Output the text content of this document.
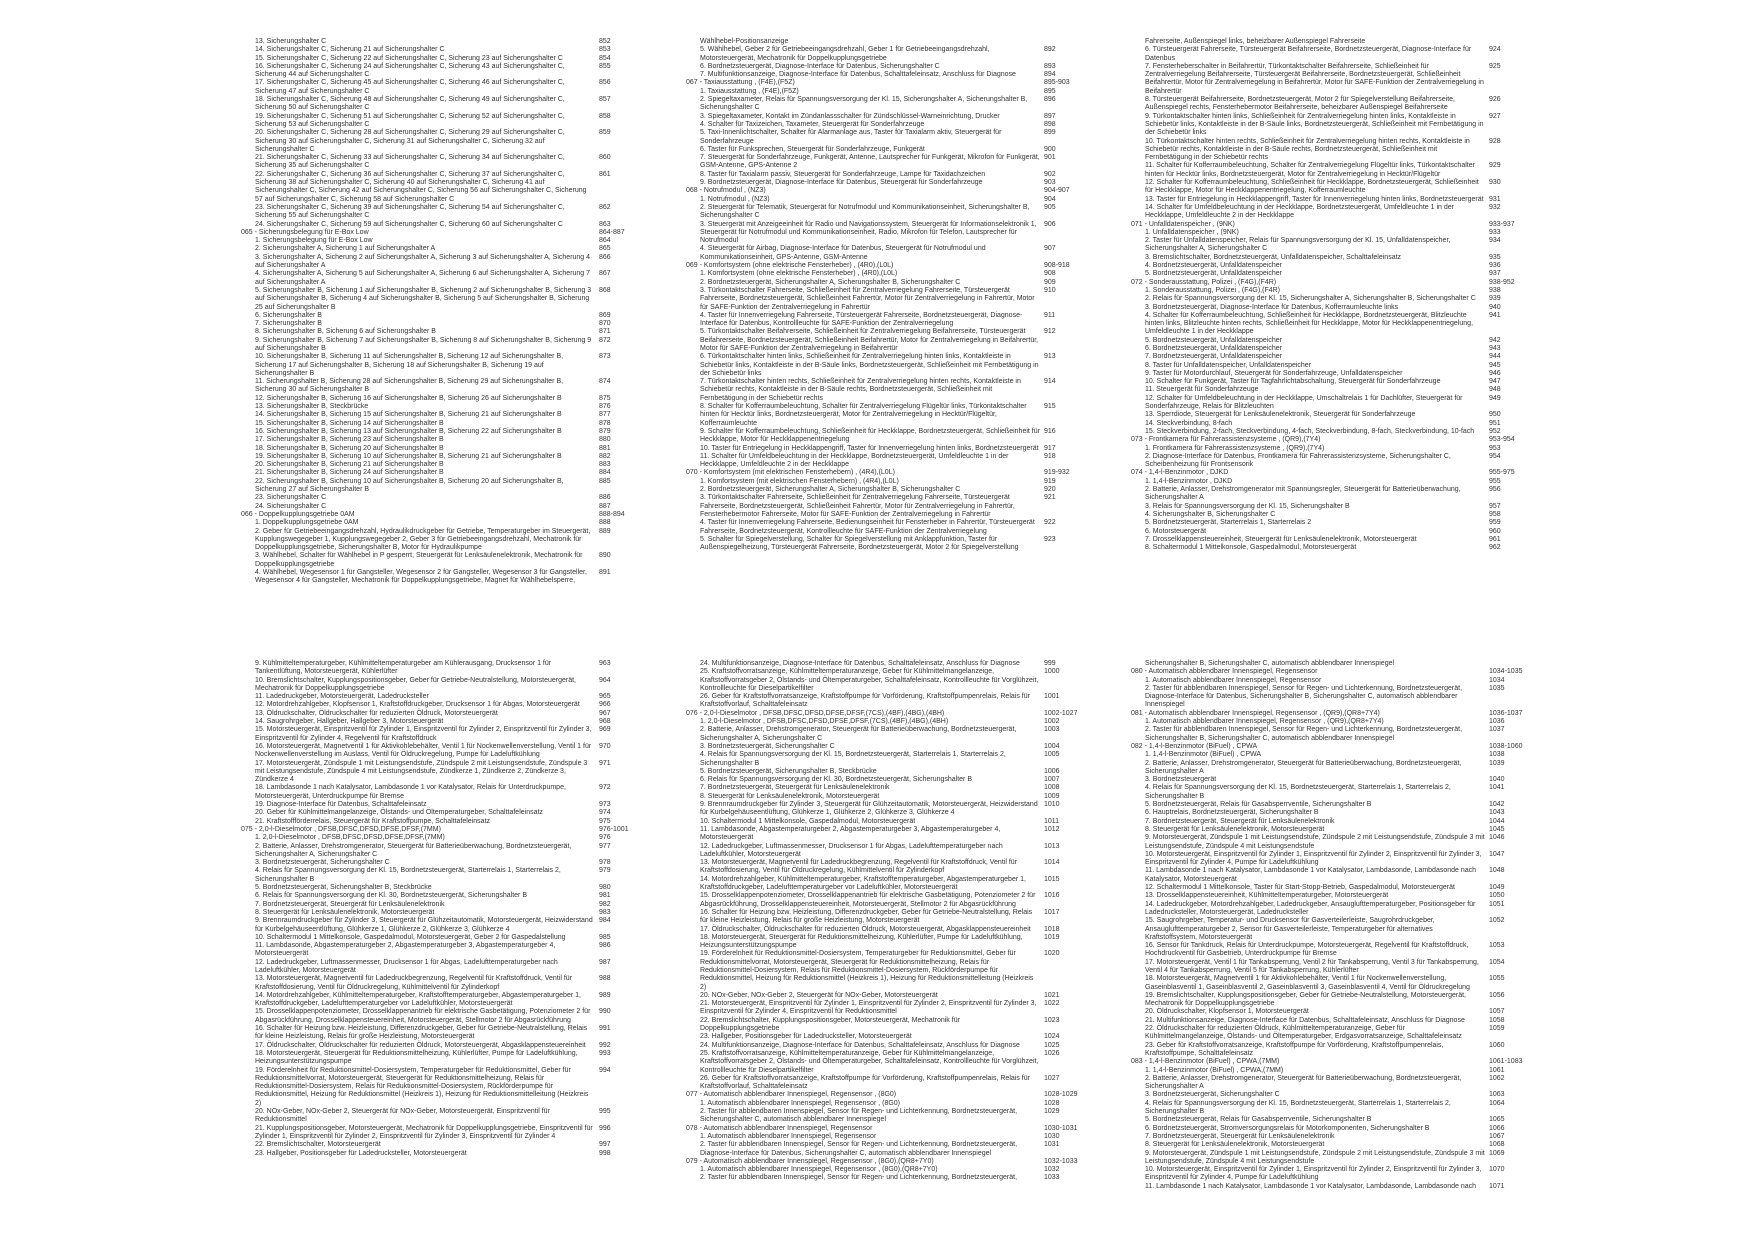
13. Sicherungshalter C	852
14. Sicherungshalter C, Sicherung 21 auf Sicherungshalter C	853
15. Sicherungshalter C, Sicherung 22 auf Sicherungshalter C, Sicherung 23 auf Sicherungshalter C	854
16. Sicherungshalter C, Sicherung 24 auf Sicherungshalter C, Sicherung 43 auf Sicherungshalter C, Sicherung 44 auf Sicherungshalter C
855
17. Sicherungshalter C, Sicherung 45 auf Sicherungshalter C, Sicherung 46 auf Sicherungshalter C, Sicherung 47 auf Sicherungshalter C
856
18. Sicherungshalter C, Sicherung 48 auf Sicherungshalter C, Sicherung 49 auf Sicherungshalter C, Sicherung 50 auf Sicherungshalter C
857
19. Sicherungshalter C, Sicherung 51 auf Sicherungshalter C, Sicherung 52 auf Sicherungshalter C, Sicherung 53 auf Sicherungshalter C
858
20. Sicherungshalter C, Sicherung 28 auf Sicherungshalter C, Sicherung 29 auf Sicherungshalter C, Sicherung 30 auf Sicherungshalter C, Sicherung 31 auf Sicherungshalter C, Sicherung 32 auf Sicherungshalter C
859
21. Sicherungshalter C, Sicherung 33 auf Sicherungshalter C, Sicherung 34 auf Sicherungshalter C, Sicherung 35 auf Sicherungshalter C
860
22. Sicherungshalter C, Sicherung 36 auf Sicherungshalter C, Sicherung 37 auf Sicherungshalter C, Sicherung 38 auf Sicherungshalter C, Sicherung 40 auf Sicherungshalter C, Sicherung 41 auf Sicherungshalter C, Sicherung 42 auf Sicherungshalter C, Sicherung 56 auf Sicherungshalter C, Sicherung 57 auf Sicherungshalter C, Sicherung 58 auf Sicherungshalter C
861
23. Sicherungshalter C, Sicherung 39 auf Sicherungshalter C, Sicherung 54 auf Sicherungshalter C, Sicherung 55 auf Sicherungshalter C
862
24. Sicherungshalter C, Sicherung 59 auf Sicherungshalter C, Sicherung 60 auf Sicherungshalter C	863
065 - Sicherungsbelegung für E-Box Low	864-887
1. Sicherungsbelegung für E-Box Low	864
2. Sicherungshalter A, Sicherung 1 auf Sicherungshalter A	865
3. Sicherungshalter A, Sicherung 2 auf Sicherungshalter A, Sicherung 3 auf Sicherungshalter A, Sicherung 4 auf Sicherungshalter A
866
4. Sicherungshalter A, Sicherung 5 auf Sicherungshalter A, Sicherung 6 auf Sicherungshalter A, Sicherung 7 auf Sicherungshalter A
867
5. Sicherungshalter B, Sicherung 1 auf Sicherungshalter B, Sicherung 2 auf Sicherungshalter B, Sicherung 3 auf Sicherungshalter B, Sicherung 4 auf Sicherungshalter B, Sicherung 5 auf Sicherungshalter B, Sicherung 25 auf Sicherungshalter B
868
6. Sicherungshalter B	869
7. Sicherungshalter B	870
8. Sicherungshalter B, Sicherung 6 auf Sicherungshalter B	871
9. Sicherungshalter B, Sicherung 7 auf Sicherungshalter B, Sicherung 8 auf Sicherungshalter B, Sicherung 9 auf Sicherungshalter B
872
10. Sicherungshalter B, Sicherung 11 auf Sicherungshalter B, Sicherung 12 auf Sicherungshalter B, Sicherung 17 auf Sicherungshalter B, Sicherung 18 auf Sicherungshalter B, Sicherung 19 auf Sicherungshalter B
873
11. Sicherungshalter B, Sicherung 28 auf Sicherungshalter B, Sicherung 29 auf Sicherungshalter B, Sicherung 30 auf Sicherungshalter B
874
12. Sicherungshalter B, Sicherung 16 auf Sicherungshalter B, Sicherung 26 auf Sicherungshalter B	875
13. Sicherungshalter B, Steckbrücke	876
14. Sicherungshalter B, Sicherung 15 auf Sicherungshalter B, Sicherung 21 auf Sicherungshalter B	877
15. Sicherungshalter B, Sicherung 14 auf Sicherungshalter B	878
16. Sicherungshalter B, Sicherung 13 auf Sicherungshalter B, Sicherung 22 auf Sicherungshalter B	879
17. Sicherungshalter B, Sicherung 23 auf Sicherungshalter B	880
18. Sicherungshalter B, Sicherung 20 auf Sicherungshalter B	881
19. Sicherungshalter B, Sicherung 10 auf Sicherungshalter B, Sicherung 21 auf Sicherungshalter B	882
20. Sicherungshalter B, Sicherung 21 auf Sicherungshalter B	883
21. Sicherungshalter B, Sicherung 24 auf Sicherungshalter B	884
22. Sicherungshalter B, Sicherung 10 auf Sicherungshalter B, Sicherung 20 auf Sicherungshalter B, Sicherung 27 auf Sicherungshalter B
885
23. Sicherungshalter C	886
24. Sicherungshalter C	887
066 - Doppelkupplungsgetriebe 0AM	888-894
1. Doppelkupplungsgetriebe 0AM	888
2. Geber für Getriebeeingangsdrehzahl, Hydraulikdruckgeber für Getriebe, Temperaturgeber im Steuergerät, Kupplungswegegeber 1, Kupplungswegegeber 2, Geber 3 für Getriebeeingangsdrehzahl, Mechatronik für Doppelkupplungsgetriebe, Sicherungshalter B, Motor für Hydraulikpumpe
889
3. Wählhebel, Schalter für Wählhebel in P gesperrt, Steuergerät für Lenksäulenelektronik, Mechatronik für Doppelkupplungsgetriebe
890
4. Wählhebel, Wegesensor 1 für Gangsteller, Wegesensor 2 für Gangsteller, Wegesensor 3 für Gangsteller, Wegesensor 4 für Gangsteller, Mechatronik für Doppelkupplungsgetriebe, Magnet für Wählhebelsperre,
891
Wählhebel-Positionsanzeige
5. Wählhebel, Geber 2 für Getriebeeingangsdrehzahl, Geber 1 für Getriebeeingangsdrehzahl, Motorsteuergerät, Mechatronik für Doppelkupplungsgetriebe
892
6. Bordnetzsteuergerät, Diagnose-Interface für Datenbus, Sicherungshalter C	893
7. Multifunktionsanzeige, Diagnose-Interface für Datenbus, Schalttafeleinsatz, Anschluss für Diagnose	894
067 - Taxiausstattung , (F4E),(F5Z)	895-903
1. Taxiausstattung , (F4E),(F5Z)	895
2. Spiegeltaxameter, Relais für Spannungsversorgung der Kl. 15, Sicherungshalter A, Sicherungshalter B, Sicherungshalter C
896
3. Spiegeltaxameter, Kontakt im Zündanlassschalter für Zündschlüssel-Warneinrichtung, Drucker	897
4. Schalter für Taxizeichen, Taxameter, Steuergerät für Sonderfahrzeuge	898
5. Taxi-Innenlichtschalter, Schalter für Alarmanlage aus, Taster für Taxialarm aktiv, Steuergerät für Sonderfahrzeuge
899
6. Taster für Funksprechen, Steuergerät für Sonderfahrzeuge, Funkgerät	900
7. Steuergerät für Sonderfahrzeuge, Funkgerät, Antenne, Lautsprecher für Funkgerät, Mikrofon für Funkgerät, GSM-Antenne, GPS-Antenne 2
901
8. Taster für Taxialarm passiv, Steuergerät für Sonderfahrzeuge, Lampe für Taxidachzeichen	902
9. Bordnetzsteuergerät, Diagnose-Interface für Datenbus, Steuergerät für Sonderfahrzeuge	903
068 - Notrufmodul , (NZ3)	904-907
1. Notrufmodul , (NZ3)	904
2. Steuergerät für Telematik, Steuergerät für Notrufmodul und Kommunikationseinheit, Sicherungshalter B, Sicherungshalter C
905
3. Steuergerät mit Anzeigeeinheit für Radio und Navigationssystem, Steuergerät für Informationselektronik 1, Steuergerät für Notrufmodul und Kommunikationseinheit, Radio, Mikrofon für Telefon, Lautsprecher für Notrufmodul
906
4. Steuergerät für Airbag, Diagnose-Interface für Datenbus, Steuergerät für Notrufmodul und Kommunikationseinheit, GPS-Antenne, GSM-Antenne
907
069 - Komfortsystem (ohne elektrische Fensterheber) , (4R0),(L0L)	908-918
1. Komfortsystem (ohne elektrische Fensterheber) , (4R0),(L0L)	908
2. Bordnetzsteuergerät, Sicherungshalter A, Sicherungshalter B, Sicherungshalter C	909
3. Türkontaktschalter Fahrerseite, Schließeinheit für Zentralverriegelung Fahrerseite, Türsteuergerät Fahrerseite, Bordnetzsteuergerät, Schließeinheit Fahrertür, Motor für Zentralverriegelung in Fahrertür, Motor für SAFE-Funktion der Zentralverriegelung in Fahrertür
910
4. Taster für Innenverriegelung Fahrerseite, Türsteuergerät Fahrerseite, Bordnetzsteuergerät, Diagnose-Interface für Datenbus, Kontrollleuchte für SAFE-Funktion der Zentralverriegelung
911
5. Türkontaktschalter Beifahrerseite, Schließeinheit für Zentralverriegelung Beifahrerseite, Türsteuergerät Beifahrerseite, Bordnetzsteuergerät, Schließeinheit Beifahrertür, Motor für Zentralverriegelung in Beifahrertür, Motor für SAFE-Funktion der Zentralverriegelung in Beifahrertür
912
6. Türkontaktschalter hinten links, Schließeinheit für Zentralverriegelung hinten links, Kontaktleiste in Schiebetür links, Kontaktleiste in der B-Säule links, Bordnetzsteuergerät, Schließeinheit mit Fernbetätigung in der Schiebetür links
913
7. Türkontaktschalter hinten rechts, Schließeinheit für Zentralverriegelung hinten rechts, Kontaktleiste in Schiebetür rechts, Kontaktleiste in der B-Säule rechts, Bordnetzsteuergerät, Schließeinheit mit Fernbetätigung in der Schiebetür rechts
914
8. Schalter für Kofferraumbeleuchtung, Schalter für Zentralverriegelung Flügeltür links, Türkontaktschalter hinten für Hecktür links, Bordnetzsteuergerät, Motor für Zentralverriegelung in Hecktür/Flügeltür, Kofferraumleuchte
915
9. Schalter für Kofferraumbeleuchtung, Schließeinheit für Heckklappe, Bordnetzsteuergerät, Schließeinheit für Heckklappe, Motor für Heckklappenentriegelung
916
10. Taster für Entriegelung in Heckklappengriff, Taster für Innenverriegelung hinten links, Bordnetzsteuergerät 917
11. Schalter für Umfeldbeleuchtung in der Heckklappe, Bordnetzsteuergerät, Umfeldleuchte 1 in der Heckklappe, Umfeldleuchte 2 in der Heckklappe
918
070 - Komfortsystem (mit elektrischen Fensterhebern) , (4R4),(L0L)	919-932
1. Komfortsystem (mit elektrischen Fensterhebern) , (4R4),(L0L)	919
2. Bordnetzsteuergerät, Sicherungshalter A, Sicherungshalter B, Sicherungshalter C	920
3. Türkontaktschalter Fahrerseite, Schließeinheit für Zentralverriegelung Fahrerseite, Türsteuergerät Fahrerseite, Bordnetzsteuergerät, Schließeinheit Fahrertür, Motor für Zentralverriegelung in Fahrertür, Fensterhebermotor Fahrerseite, Motor für SAFE-Funktion der Zentralverriegelung in Fahrertür
921
4. Taster für Innenverriegelung Fahrerseite, Bedienungseinheit für Fensterheber in Fahrertür, Türsteuergerät Fahrerseite, Bordnetzsteuergerät, Kontrollleuchte für SAFE-Funktion der Zentralverriegelung
922
5. Schalter für Spiegelverstellung, Schalter für Spiegelverstellung mit Anklappfunktion, Taster für Außenspiegelheizung, Türsteuergerät Fahrerseite, Bordnetzsteuergerät, Motor 2 für Spiegelverstellung
923
Fahrerseite, Außenspiegel links, beheizbarer Außenspiegel Fahrerseite
6. Türsteuergerät Fahrerseite, Türsteuergerät Beifahrerseite, Bordnetzsteuergerät, Diagnose-Interface für Datenbus
924
7. Fensterheberschalter in Beifahrertür, Türkontaktschalter Beifahrerseite, Schließeinheit für Zentralverriegelung Beifahrerseite, Türsteuergerät Beifahrerseite, Bordnetzsteuergerät, Schließeinheit Beifahrertür, Motor für Zentralverriegelung in Beifahrertür, Motor für SAFE-Funktion der Zentralverriegelung in Beifahrertür
925
8. Türsteuergerät Beifahrerseite, Bordnetzsteuergerät, Motor 2 für Spiegelverstellung Beifahrerseite, Außenspiegel rechts, Fensterhebermotor Beifahrerseite, beheizbarer Außenspiegel Beifahrerseite
926
9. Türkontaktschalter hinten links, Schließeinheit für Zentralverriegelung hinten links, Kontaktleiste in Schiebetür links, Kontaktleiste in der B-Säule links, Bordnetzsteuergerät, Schließeinheit mit Fernbetätigung in der Schiebetür links
927
10. Türkontaktschalter hinten rechts, Schließeinheit für Zentralverriegelung hinten rechts, Kontaktleiste in Schiebetür rechts, Kontaktleiste in der B-Säule rechts, Bordnetzsteuergerät, Schließeinheit mit Fernbetätigung in der Schiebetür rechts
928
11. Schalter für Kofferraumbeleuchtung, Schalter für Zentralverriegelung Flügeltür links, Türkontaktschalter hinten für Hecktür links, Bordnetzsteuergerät, Motor für Zentralverriegelung in Hecktür/Flügeltür
929
12. Schalter für Kofferraumbeleuchtung, Schließeinheit für Heckklappe, Bordnetzsteuergerät, Schließeinheit für Heckklappe, Motor für Heckklappenentriegelung, Kofferraumleuchte
930
13. Taster für Entriegelung in Heckklappengriff, Taster für Innenverriegelung hinten links, Bordnetzsteuergerät 931
14. Schalter für Umfeldbeleuchtung in der Heckklappe, Bordnetzsteuergerät, Umfeldleuchte 1 in der Heckklappe, Umfeldleuchte 2 in der Heckklappe
932
071 - Unfalldatenspeicher , (9NK)	933-937
1. Unfalldatenspeicher , (9NK)	933
2. Taster für Unfalldatenspeicher, Relais für Spannungsversorgung der Kl. 15, Unfalldatenspeicher, Sicherungshalter A, Sicherungshalter C
934
3. Bremslichtschalter, Bordnetzsteuergerät, Unfalldatenspeicher, Schalttafeleinsatz	935
4. Bordnetzsteuergerät, Unfalldatenspeicher	936
5. Bordnetzsteuergerät, Unfalldatenspeicher	937
072 - Sonderausstattung, Polizei , (F4G),(F4R)	938-952
1. Sonderausstattung, Polizei , (F4G),(F4R)	938
2. Relais für Spannungsversorgung der Kl. 15, Sicherungshalter A, Sicherungshalter B, Sicherungshalter C	939
3. Bordnetzsteuergerät, Diagnose-Interface für Datenbus, Kofferraumleuchte links	940
4. Schalter für Kofferraumbeleuchtung, Schließeinheit für Heckklappe, Bordnetzsteuergerät, Blitzleuchte hinten links, Blitzleuchte hinten rechts, Schließeinheit für Heckklappe, Motor für Heckklappenentriegelung, Umfeldleuchte 1 in der Heckklappe
941
5. Bordnetzsteuergerät, Unfalldatenspeicher	942
6. Bordnetzsteuergerät, Unfalldatenspeicher	943
7. Bordnetzsteuergerät, Unfalldatenspeicher	944
8. Taster für Unfalldatenspeicher, Unfalldatenspeicher	945
9. Taster für Motordurchlauf, Steuergerät für Sonderfahrzeuge, Unfalldatenspeicher	946
10. Schalter für Funkgerät, Taster für Tagfahrlichtabschaltung, Steuergerät für Sonderfahrzeuge	947
11. Steuergerät für Sonderfahrzeuge	948
12. Schalter für Umfeldbeleuchtung in der Heckklappe, Umschaltrelais 1 für Dachlüfter, Steuergerät für Sonderfahrzeuge, Relais für Blitzleuchten
949
13. Sperrdiode, Steuergerät für Lenksäulenelektronik, Steuergerät für Sonderfahrzeuge	950
14. Steckverbindung, 8-fach	951
15. Steckverbindung, 2-fach, Steckverbindung, 4-fach, Steckverbindung, 8-fach, Steckverbindung, 10-fach	952
073 - Frontkamera für Fahrerassistenzsysteme , (QR9),(7Y4)	953-954
1. Frontkamera für Fahrerassistenzsysteme , (QR9),(7Y4)	953
2. Diagnose-Interface für Datenbus, Frontkamera für Fahrerassistenzsysteme, Sicherungshalter C, Scheibenheizung für Frontsensorik
954
074 - 1,4-l-Benzinmotor , DJKD	955-975
1. 1,4-l-Benzinmotor , DJKD	955
2. Batterie, Anlasser, Drehstromgenerator mit Spannungsregler, Steuergerät für Batterieüberwachung, Sicherungshalter A
956
3. Relais für Spannungsversorgung der Kl. 15, Sicherungshalter B	957
4. Sicherungshalter B, Sicherungshalter C	958
5. Bordnetzsteuergerät, Starterrelais 1, Starterrelais 2	959
6. Motorsteuergerät	960
7. Drosselklappensteuereinheit, Steuergerät für Lenksäulenelektronik, Motorsteuergerät	961
8. Schaltermodul 1 Mittelkonsole, Gaspedalmodul, Motorsteuergerät	962
9. Kühlmitteltemperaturgeber, Kühlmitteltemperaturgeber am Kühlerausgang, Drucksensor 1 für Tankentlüftung, Motorsteuergerät, Kühlerlüfter
963
10. Bremslichtschalter, Kupplungspositionsgeber, Geber für Getriebe-Neutralstellung, Motorsteuergerät, Mechatronik für Doppelkupplungsgetriebe
964
11. Ladedruckgeber, Motorsteuergerät, Ladedrucksteller	965
12. Motordrehzahlgeber, Klopfsensor 1, Kraftstoffdruckgeber, Drucksensor 1 für Abgas, Motorsteuergerät	966
13. Öldruckschalter, Öldruckschalter für reduzierten Öldruck, Motorsteuergerät	967
14. Saugrohrgeber, Hallgeber, Hallgeber 3, Motorsteuergerät	968
15. Motorsteuergerät, Einspritzventil für Zylinder 1, Einspritzventil für Zylinder 2, Einspritzventil für Zylinder 3, Einspritzventil für Zylinder 4, Regelventil für Kraftstoffdruck
969
16. Motorsteuergerät, Magnetventil 1 für Aktivkohlebehälter, Ventil 1 für Nockenwellenverstellung, Ventil 1 für Nockenwellenverstellung im Auslass, Ventil für Öldruckregelung, Pumpe für Ladeluftkühlung
970
17. Motorsteuergerät, Zündspule 1 mit Leistungsendstufe, Zündspule 2 mit Leistungsendstufe, Zündspule 3 mit Leistungsendstufe, Zündspule 4 mit Leistungsendstufe, Zündkerze 1, Zündkerze 2, Zündkerze 3, Zündkerze 4
971
18. Lambdasonde 1 nach Katalysator, Lambdasonde 1 vor Katalysator, Relais für Unterdruckpumpe, Motorsteuergerät, Unterdruckpumpe für Bremse
972
19. Diagnose-Interface für Datenbus, Schalttafeleinsatz	973
20. Geber für Kühlmittelmangelanzeige, Ölstands- und Öltemperaturgeber, Schalttafeleinsatz	974
21. Kraftstoffförderrelais, Steuergerät für Kraftstoffpumpe, Schalttafeleinsatz	975
075 - 2,0-l-Dieselmotor , DFSB,DFSC,DFSD,DFSE,DFSF,(7MM)	976-1001
1. 2,0-l-Dieselmotor , DFSB,DFSC,DFSD,DFSE,DFSF,(7MM)	976
2. Batterie, Anlasser, Drehstromgenerator, Steuergerät für Batterieüberwachung, Bordnetzsteuergerät, Sicherungshalter A, Sicherungshalter C
977
3. Bordnetzsteuergerät, Sicherungshalter C	978
4. Relais für Spannungsversorgung der Kl. 15, Bordnetzsteuergerät, Starterrelais 1, Starterrelais 2, Sicherungshalter B
979
5. Bordnetzsteuergerät, Sicherungshalter B, Steckbrücke	980
6. Relais für Spannungsversorgung der Kl. 30, Bordnetzsteuergerät, Sicherungshalter B	981
7. Bordnetzsteuergerät, Steuergerät für Lenksäulenelektronik	982
8. Steuergerät für Lenksäulenelektronik, Motorsteuergerät	983
9. Brennraumdruckgeber für Zylinder 3, Steuergerät für Glühzeitautomatik, Motorsteuergerät, Heizwiderstand für Kurbelgehäuseentlüftung, Glühkerze 1, Glühkerze 2, Glühkerze 3, Glühkerze 4
984
10. Schaltermodul 1 Mittelkonsole, Gaspedalmodul, Motorsteuergerät, Geber 2 für Gaspedalstellung	985
11. Lambdasonde, Abgastemperaturgeber 2, Abgastemperaturgeber 3, Abgastemperaturgeber 4, Motorsteuergerät
986
12. Ladedruckgeber, Luftmassenmesser, Drucksensor 1 für Abgas, Ladelufttemperaturgeber nach Ladeluftkühler, Motorsteuergerät
987
13. Motorsteuergerät, Magnetventil für Ladedruckbegrenzung, Regelventil für Kraftstoffdruck, Ventil für Kraftstoffdosierung, Ventil für Öldruckregelung, Kühlmittelventil für Zylinderkopf
988
14. Motordrehzahlgeber, Kühlmitteltemperaturgeber, Kraftstofftemperaturgeber, Abgastemperaturgeber 1, Kraftstoffdruckgeber, Ladelufttemperaturgeber vor Ladeluftkühler, Motorsteuergerät
989
15. Drosselklappenpotenziometer, Drosselklappenantrieb für elektrische Gasbetätigung, Potenziometer 2 für Abgasrückführung, Drosselklappensteuereinheit, Motorsteuergerät, Stellmotor 2 für Abgasrückführung
990
16. Schalter für Heizung bzw. Heizleistung, Differenzdruckgeber, Geber für Getriebe-Neutralstellung, Relais für kleine Heizleistung, Relais für große Heizleistung, Motorsteuergerät
991
17. Öldruckschalter, Öldruckschalter für reduzierten Öldruck, Motorsteuergerät, Abgasklappensteuereinheit	992
18. Motorsteuergerät, Steuergerät für Reduktionsmittelheizung, Kühlerlüfter, Pumpe für Ladeluftkühlung, Heizungsunterstützungspumpe
993
19. Förderelnheit für Reduktionsmittel-Dosiersystem, Temperaturgeber für Reduktionsmittel, Geber für Reduktionsmittelvorrat, Motorsteuergerät, Steuergerät für Reduktionsmittelheizung, Relais für Reduktionsmittel-Dosiersystem, Relais für Reduktionsmittel-Dosiersystem, Rückförderpumpe für Reduktionsmittel, Heizung für Reduktionsmittel (Heizkreis 1), Heizung für Reduktionsmittelleitung (Heizkreis 2)
994
20. NOx-Geber, NOx-Geber 2, Steuergerät für NOx-Geber, Motorsteuergerät, Einspritzventil für Reduktionsmittel
995
21. Kupplungspositionsgeber, Motorsteuergerät, Mechatronik für Doppelkupplungsgetriebe, Einspritzventil für Zylinder 1, Einspritzventil für Zylinder 2, Einspritzventil für Zylinder 3, Einspritzventil für Zylinder 4
996
22. Bremslichtschalter, Motorsteuergerät	997
23. Hallgeber, Positionsgeber für Ladedrucksteller, Motorsteuergerät	998
24. Multifunktionsanzeige, Diagnose-Interface für Datenbus, Schalttafeleinsatz, Anschluss für Diagnose	999
25. Kraftstoffvorratsanzeige, Kühlmitteltemperaturanzeige, Geber für Kühlmittelmangelanzeige, Kraftstoffvorratsgeber 2, Ölstands- und Öltemperaturgeber, Schalttafeleinsatz, Kontrollleuchte für Vorglühzeit, Kontrollleuchte für Dieselpartikelfilter
1000
26. Geber für Kraftstoffvorratsanzeige, Kraftstoffpumpe für Vorförderung, Kraftstoffpumpenrelais, Relais für Kraftstoffvorlauf, Schalttafeleinsatz
1001
076 - 2,0-l-Dieselmotor , DFSB,DFSC,DFSD,DFSE,DFSF,(7CS),(4BF),(4BG),(4BH)	1002-1027
1. 2,0-l-Dieselmotor , DFSB,DFSC,DFSD,DFSE,DFSF,(7CS),(4BF),(4BG),(4BH)	1002
2. Batterie, Anlasser, Drehstromgenerator, Steuergerät für Batterieüberwachung, Bordnetzsteuergerät, Sicherungshalter A, Sicherungshalter C
1003
3. Bordnetzsteuergerät, Sicherungshalter C	1004
4. Relais für Spannungsversorgung der Kl. 15, Bordnetzsteuergerät, Starterrelais 1, Starterrelais 2, Sicherungshalter B
1005
5. Bordnetzsteuergerät, Sicherungshalter B, Steckbrücke	1006
6. Relais für Spannungsversorgung der Kl. 30, Bordnetzsteuergerät, Sicherungshalter B	1007
7. Bordnetzsteuergerät, Steuergerät für Lenksäulenelektronik	1008
8. Steuergerät für Lenksäulenelektronik, Motorsteuergerät	1009
9. Brennraumdruckgeber für Zylinder 3, Steuergerät für Glühzeitautomatik, Motorsteuergerät, Heizwiderstand für Kurbelgehäuseentlüftung, Glühkerze 1, Glühkerze 2, Glühkerze 3, Glühkerze 4
1010
10. Schaltermodul 1 Mittelkonsole, Gaspedalmodul, Motorsteuergerät	1011
11. Lambdasonde, Abgastemperaturgeber 2, Abgastemperaturgeber 3, Abgastemperaturgeber 4, Motorsteuergerät
1012
12. Ladedruckgeber, Luftmassenmesser, Drucksensor 1 für Abgas, Ladelufttemperaturgeber nach Ladeluftkühler, Motorsteuergerät
1013
13. Motorsteuergerät, Magnetventil für Ladedruckbegrenzung, Regelventil für Kraftstoffdruck, Ventil für Kraftstoffdosierung, Ventil für Öldruckregelung, Kühlmittelventil für Zylinderkopf
1014
14. Motordrehzahlgeber, Kühlmitteltemperaturgeber, Kraftstofftemperaturgeber, Abgastemperaturgeber 1, Kraftstoffdruckgeber, Ladelufttemperaturgeber vor Ladeluftkühler, Motorsteuergerät
1015
15. Drosselklappenpotenziometer, Drosselklappenantrieb für elektrische Gasbetätigung, Potenziometer 2 für Abgasrückführung, Drosselklappensteuereinheit, Motorsteuergerät, Stellmotor 2 für Abgasrückführung
1016
16. Schalter für Heizung bzw. Heizleistung, Differenzdruckgeber, Geber für Getriebe-Neutralstellung, Relais für kleine Heizleistung, Relais für große Heizleistung, Motorsteuergerät
1017
17. Öldruckschalter, Öldruckschalter für reduzierten Öldruck, Motorsteuergerät, Abgasklappensteuereinheit	1018
18. Motorsteuergerät, Steuergerät für Reduktionsmittelheizung, Kühlerlüfter, Pumpe für Ladeluftkühlung, Heizungsunterstützungspumpe
1019
19. Förderelnheit für Reduktionsmittel-Dosiersystem, Temperaturgeber für Reduktionsmittel, Geber für Reduktionsmittelvorrat, Motorsteuergerät, Steuergerät für Reduktionsmittelheizung, Relais für Reduktionsmittel-Dosiersystem, Relais für Reduktionsmittel-Dosiersystem, Rückförderpumpe für Reduktionsmittel, Heizung für Reduktionsmittel (Heizkreis 1), Heizung für Reduktionsmittelleitung (Heizkreis 2)
1020
20. NOx-Geber, NOx-Geber 2, Steuergerät für NOx-Geber, Motorsteuergerät	1021
21. Motorsteuergerät, Einspritzventil für Zylinder 1, Einspritzventil für Zylinder 2, Einspritzventil für Zylinder 3, Einspritzventil für Zylinder 4, Einspritzventil für Reduktionsmittel
1022
22. Bremslichtschalter, Kupplungspositionsgeber, Motorsteuergerät, Mechatronik für Doppelkupplungsgetriebe
1023
23. Hallgeber, Positionsgeber für Ladedrucksteller, Motorsteuergerät	1024
24. Multifunktionsanzeige, Diagnose-Interface für Datenbus, Schalttafeleinsatz, Anschluss für Diagnose	1025
25. Kraftstoffvorratsanzeige, Kühlmitteltemperaturanzeige, Geber für Kühlmittelmangelanzeige, Kraftstoffvorratsgeber 2, Ölstands- und Öltemperaturgeber, Schalttafeleinsatz, Kontrollleuchte für Vorglühzeit, Kontrollleuchte für Dieselpartikelfilter
1026
26. Geber für Kraftstoffvorratsanzeige, Kraftstoffpumpe für Vorförderung, Kraftstoffpumpenrelais, Relais für Kraftstoffvorlauf, Schalttafeleinsatz
1027
077 - Automatisch abblendbarer Innenspiegel, Regensensor , (8G0)	1028-1029
1. Automatisch abblendbarer Innenspiegel, Regensensor , (8G0)	1028
2. Taster für abblendbaren Innenspiegel, Sensor für Regen- und Lichterkennung, Bordnetzsteuergerät, Sicherungshalter C, automatisch abblendbarer Innenspiegel
1029
078 - Automatisch abblendbarer Innenspiegel, Regensensor	1030-1031
1. Automatisch abblendbarer Innenspiegel, Regensensor	1030
2. Taster für abblendbaren Innenspiegel, Sensor für Regen- und Lichterkennung, Bordnetzsteuergerät, Diagnose-Interface für Datenbus, Sicherungshalter C, automatisch abblendbarer Innenspiegel
1031
079 - Automatisch abblendbarer Innenspiegel, Regensensor , (8G0),(QR8+7Y0)	1032-1033
1. Automatisch abblendbarer Innenspiegel, Regensensor , (8G0),(QR8+7Y0)	1032
2. Taster für abblendbaren Innenspiegel, Sensor für Regen- und Lichterkennung, Bordnetzsteuergerät,	1033
Sicherungshalter B, Sicherungshalter C, automatisch abblendbarer Innenspiegel
080 - Automatisch abblendbarer Innenspiegel, Regensensor	1034-1035
1. Automatisch abblendbarer Innenspiegel, Regensensor	1034
2. Taster für abblendbaren Innenspiegel, Sensor für Regen- und Lichterkennung, Bordnetzsteuergerät, Diagnose-Interface für Datenbus, Sicherungshalter B, Sicherungshalter C, automatisch abblendbarer Innenspiegel
1035
081 - Automatisch abblendbarer Innenspiegel, Regensensor , (QR9),(QR8+7Y4)	1036-1037
1. Automatisch abblendbarer Innenspiegel, Regensensor , (QR9),(QR8+7Y4)	1036
2. Taster für abblendbaren Innenspiegel, Sensor für Regen- und Lichterkennung, Bordnetzsteuergerät, Sicherungshalter B, Sicherungshalter C, automatisch abblendbarer Innenspiegel
1037
082 - 1,4-l-Benzinmotor (BiFuel) , CPWA	1038-1060
1. 1,4-l-Benzinmotor (BiFuel) , CPWA	1038
2. Batterie, Anlasser, Drehstromgenerator, Steuergerät für Batterieüberwachung, Bordnetzsteuergerät, Sicherungshalter A
1039
3. Bordnetzsteuergerät	1040
4. Relais für Spannungsversorgung der Kl. 15, Bordnetzsteuergerät, Starterrelais 1, Starterrelais 2, Sicherungshalter B
1041
5. Bordnetzsteuergerät, Relais für Gasabsperrventile, Sicherungshalter B	1042
6. Hauptrelais, Bordnetzsteuergerät, Sicherungshalter B	1043
7. Bordnetzsteuergerät, Steuergerät für Lenksäulenelektronik	1044
8. Steuergerät für Lenksäulenelektronik, Motorsteuergerät	1045
9. Motorsteuergerät, Zündspule 1 mit Leistungsendstufe, Zündspule 2 mit Leistungsendstufe, Zündspule 3 mit Leistungsendstufe, Zündspule 4 mit Leistungsendstufe
1046
10. Motorsteuergerät, Einspritzventil für Zylinder 1, Einspritzventil für Zylinder 2, Einspritzventil für Zylinder 3, Einspritzventil für Zylinder 4, Pumpe für Ladeluftkühlung
1047
11. Lambdasonde 1 nach Katalysator, Lambdasonde 1 vor Katalysator, Lambdasonde, Lambdasonde nach Katalysator, Motorsteuergerät
1048
12. Schaltermodul 1 Mittelkonsole, Taster für Start-Stopp-Betrieb, Gaspedalmodul, Motorsteuergerät	1049
13. Drosselklappensteuereinheit, Kühlmitteltemperaturgeber, Motorsteuergerät	1050
14. Ladedruckgeber, Motordrehzahlgeber, Ladedruckgeber, Ansauglufttemperaturgeber, Positionsgeber für Ladedrucksteller, Motorsteuergerät, Ladedrucksteller
1051
15. Saugrohrgeber, Temperatur- und Drucksensor für Gasverteilerleiste, Saugrohrdruckgeber, Ansauglufttemperaturgeber 2, Sensor für Gasverteilerleiste, Temperaturgeber für alternatives Kraftstoffsystem, Motorsteuergerät
1052
16. Sensor für Tankdruck, Relais für Unterdruckpumpe, Motorsteuergerät, Regelventil für Kraftstoffdruck, Hochdruckventil für Gasbetrieb, Unterdruckpumpe für Bremse
1053
17. Motorsteuergerät, Ventil 1 für Tankabsperrung, Ventil 2 für Tankabsperrung, Ventil 3 für Tankabsperrung, Ventil 4 für Tankabsperrung, Ventil 5 für Tankabsperrung, Kühlerlüfter
1054
18. Motorsteuergerät, Magnetventil 1 für Aktivkohlebehälter, Ventil 1 für Nockenwellenverstellung, Gaseinblasventil 1, Gaseinblasventil 2, Gaseinblasventil 3, Gaseinblasventil 4, Ventil für Öldruckregelung
1055
19. Bremslichtschalter, Kupplungspositionsgeber, Geber für Getriebe-Neutralstellung, Motorsteuergerät, Mechatronik für Doppelkupplungsgetriebe
1056
20. Öldruckschalter, Klopfsensor 1, Motorsteuergerät	1057
21. Multifunktionsanzeige, Diagnose-Interface für Datenbus, Schalttafeleinsatz, Anschluss für Diagnose	1058
22. Öldruckschalter für reduzierten Öldruck, Kühlmitteltemperaturanzeige, Geber für Kühlmittelmangelanzeige, Ölstands- und Öltemperaturgeber, Erdgasvorratsanzeige, Schalttafeleinsatz
1059
23. Geber für Kraftstoffvorratsanzeige, Kraftstoffpumpe für Vorförderung, Kraftstoffpumpenrelais, Kraftstoffpumpe, Schalttafeleinsatz
1060
083 - 1,4-l-Benzinmotor (BiFuel) , CPWA,(7MM)	1061-1083
1. 1,4-l-Benzinmotor (BiFuel) , CPWA,(7MM)	1061
2. Batterie, Anlasser, Drehstromgenerator, Steuergerät für Batterieüberwachung, Bordnetzsteuergerät, Sicherungshalter A
1062
3. Bordnetzsteuergerät, Sicherungshalter C	1063
4. Relais für Spannungsversorgung der Kl. 15, Bordnetzsteuergerät, Starterrelais 1, Starterrelais 2, Sicherungshalter B
1064
5. Bordnetzsteuergerät, Relais für Gasabsperrventile, Sicherungshalter B	1065
6. Bordnetzsteuergerät, Stromversorgungsrelais für Motorkomponenten, Sicherungshalter B	1066
7. Bordnetzsteuergerät, Steuergerät für Lenksäulenelektronik	1067
8. Steuergerät für Lenksäulenelektronik, Motorsteuergerät	1068
9. Motorsteuergerät, Zündspule 1 mit Leistungsendstufe, Zündspule 2 mit Leistungsendstufe, Zündspule 3 mit Leistungsendstufe, Zündspule 4 mit Leistungsendstufe
1069
10. Motorsteuergerät, Einspritzventil für Zylinder 1, Einspritzventil für Zylinder 2, Einspritzventil für Zylinder 3, Einspritzventil für Zylinder 4, Pumpe für Ladeluftkühlung
1070
11. Lambdasonde 1 nach Katalysator, Lambdasonde 1 vor Katalysator, Lambdasonde, Lambdasonde nach	1071
